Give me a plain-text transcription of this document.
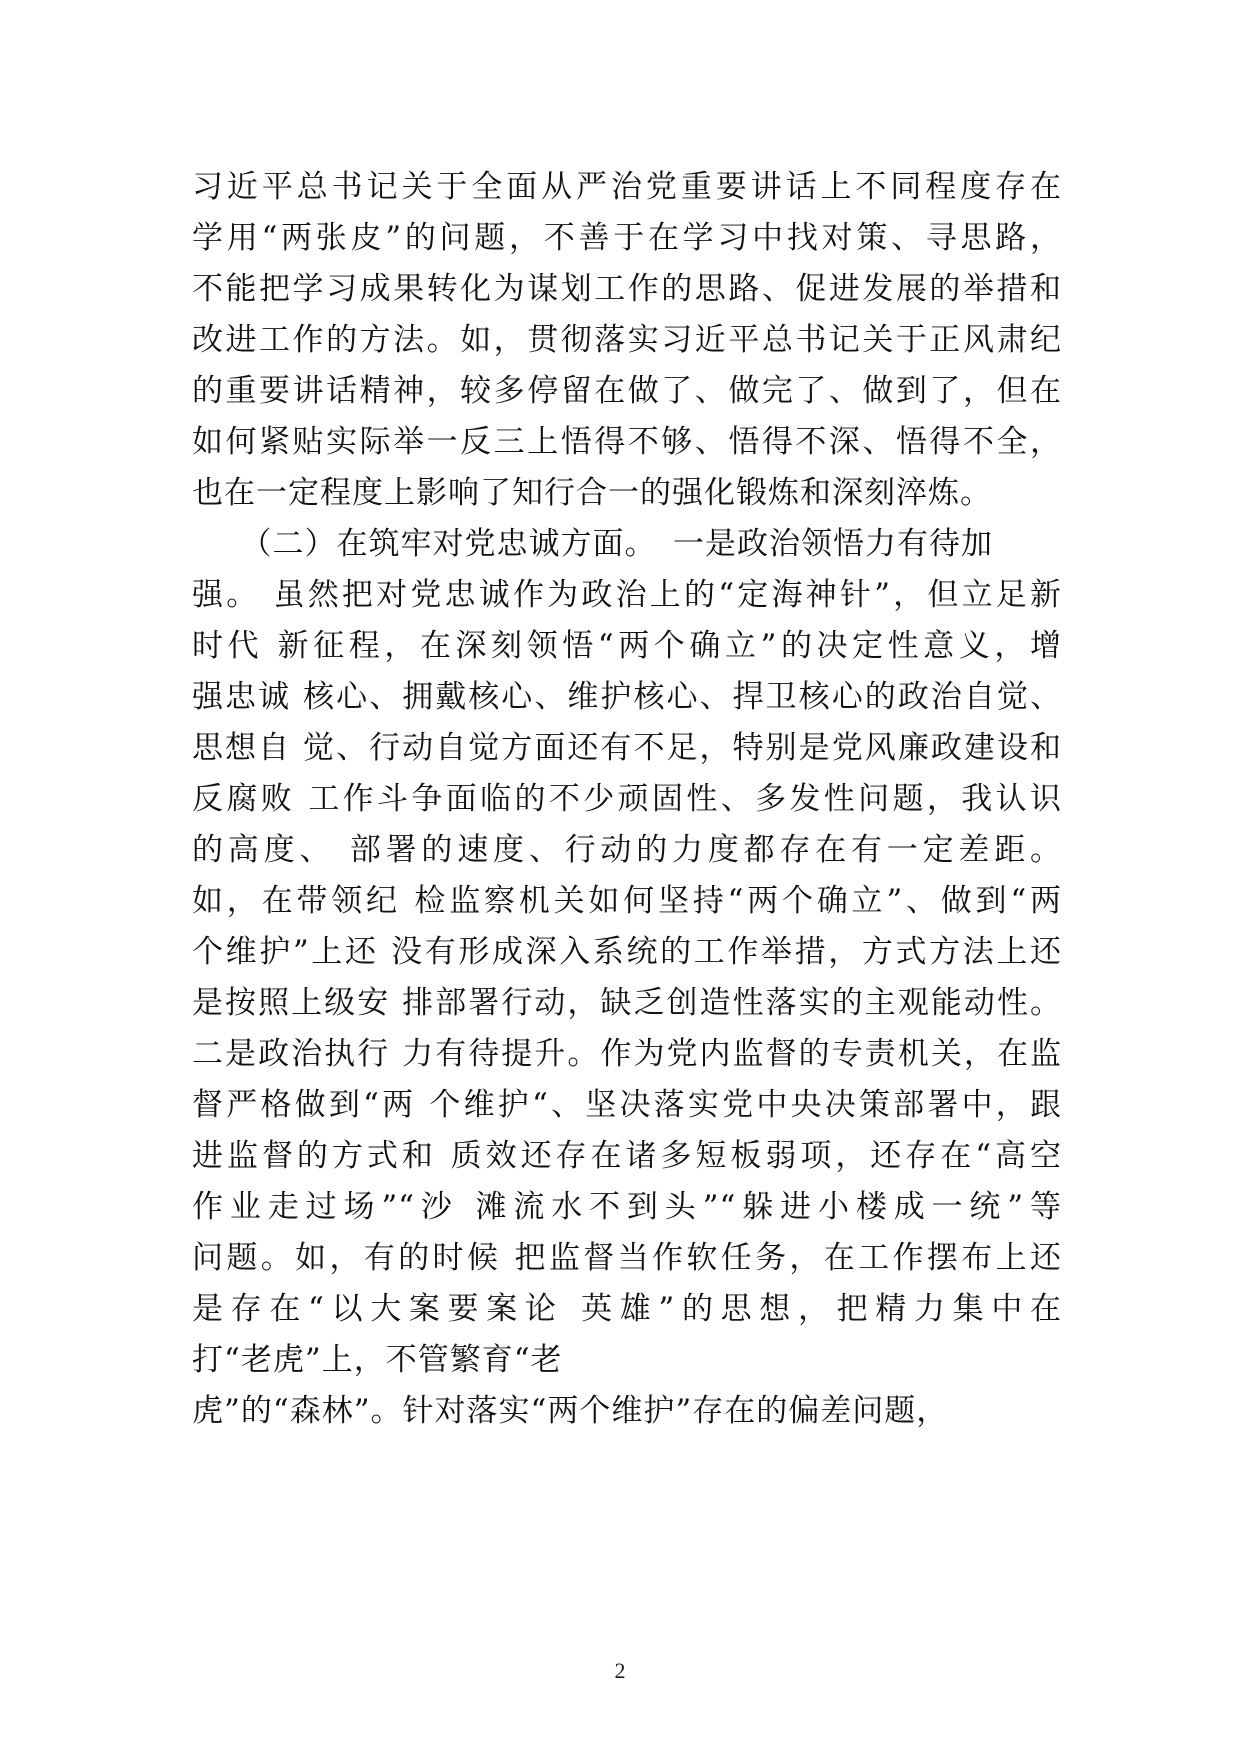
习近平总书记关于全面从严治党重要讲话上不同程度存在
学用“两张皮”的问题，不善于在学习中找对策、寻思路，
不能把学习成果转化为谋划工作的思路、促进发展的举措和
改进工作的方法。如，贯彻落实习近平总书记关于正风肃纪
的重要讲话精神，较多停留在做了、做完了、做到了，但在
如何紧贴实际举一反三上悟得不够、悟得不深、悟得不全，
也在一定程度上影响了知行合一的强化锻炼和深刻淬炼。
　　（二）在筑牢对党忠诚方面。　一是政治领悟力有待加
强。 虽然把对党忠诚作为政治上的“定海神针”，但立足新
时代 新征程，在深刻领悟“两个确立”的决定性意义，增
强忠诚 核心、拥戴核心、维护核心、捍卫核心的政治自觉、
思想自 觉、行动自觉方面还有不足，特别是党风廉政建设和
反腐败 工作斗争面临的不少顽固性、多发性问题，我认识
的高度、 部署的速度、行动的力度都存在有一定差距。
如，在带领纪 检监察机关如何坚持“两个确立”、做到“两
个维护”上还 没有形成深入系统的工作举措，方式方法上还
是按照上级安 排部署行动，缺乏创造性落实的主观能动性。
二是政治执行 力有待提升。作为党内监督的专责机关，在监
督严格做到“两 个维护“、坚决落实党中央决策部署中，跟
进监督的方式和 质效还存在诸多短板弱项，还存在“高空
作业走过场”“沙 滩流水不到头”“躲进小楼成一统”等
问题。如，有的时候 把监督当作软任务，在工作摆布上还
是存在“以大案要案论 英雄”的思想，把精力集中在
打“老虎”上，不管繁育“老
虎”的“森林”。针对落实“两个维护”存在的偏差问题，
2
